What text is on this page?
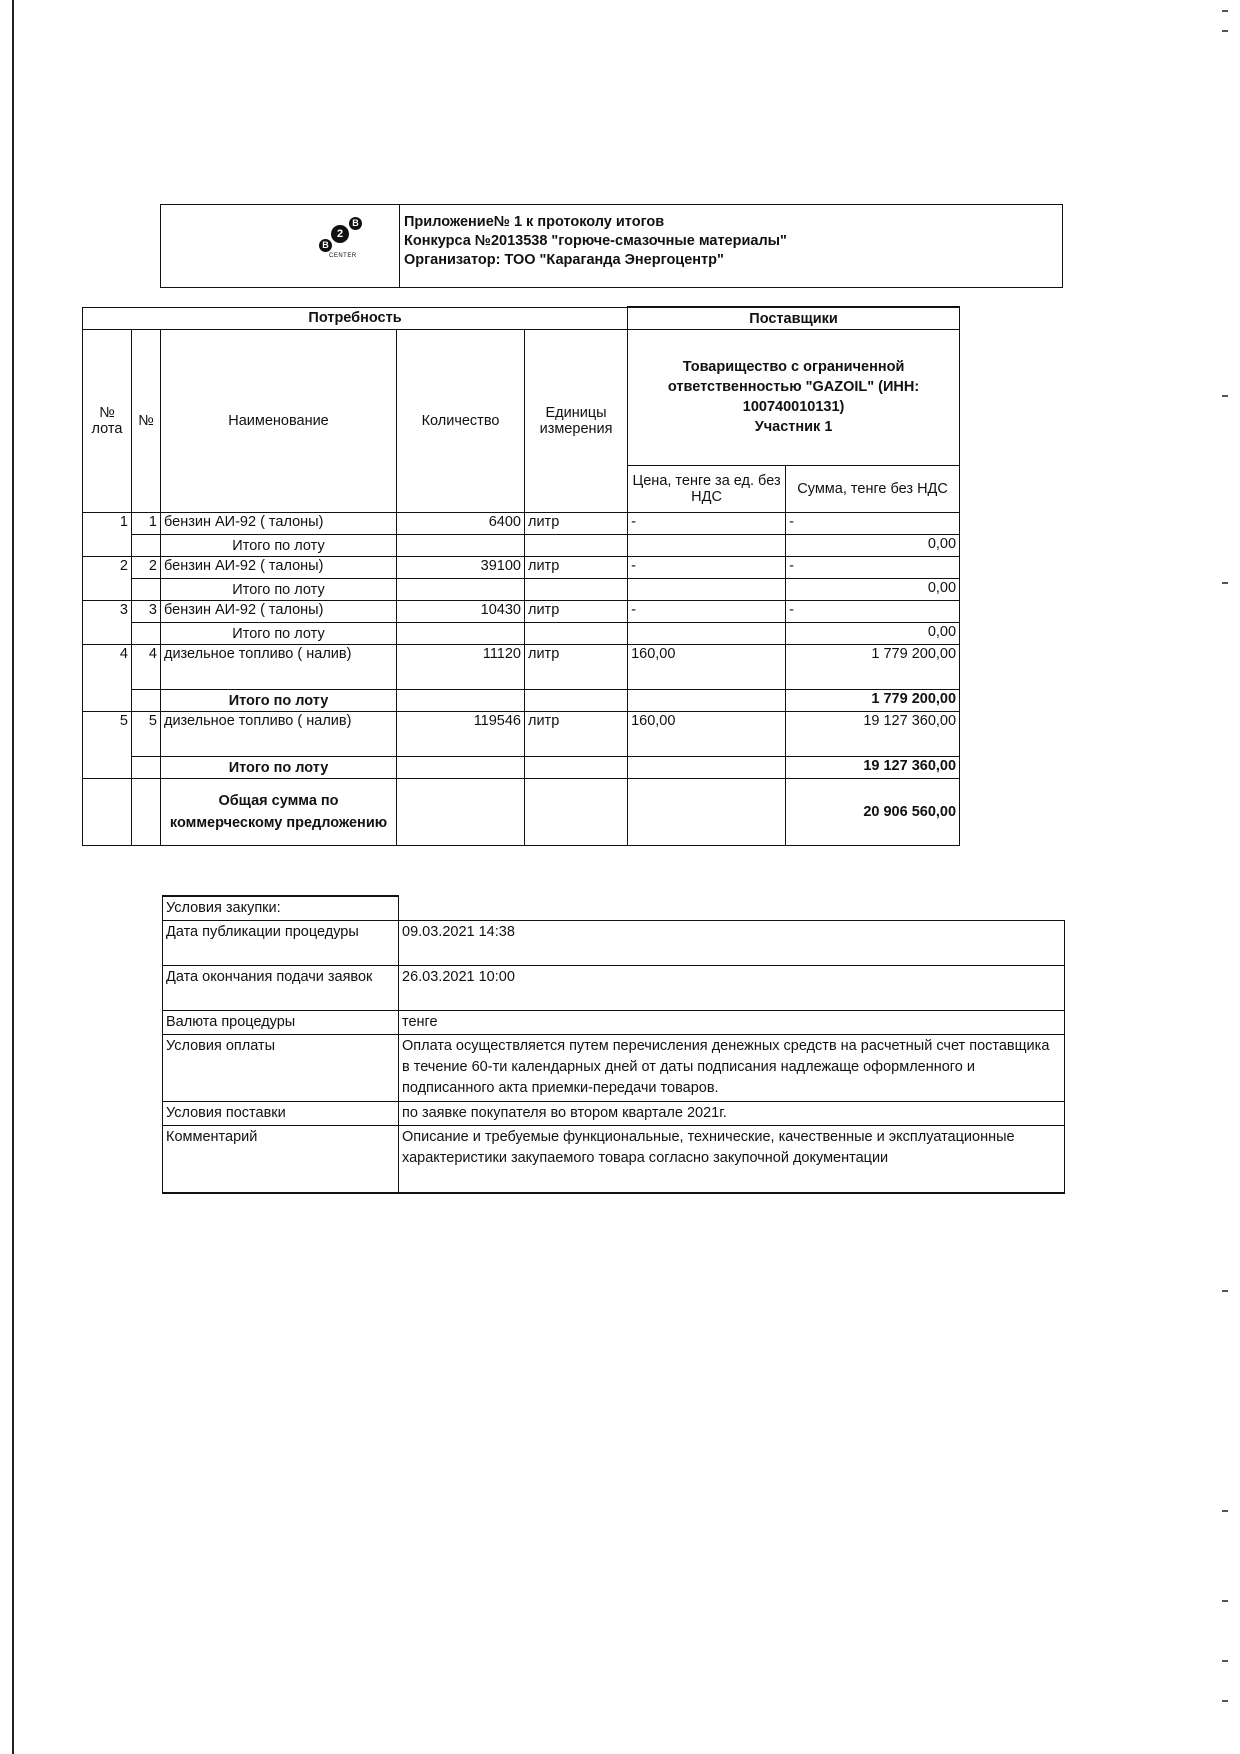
B
2
B
CENTER
Приложение№ 1 к протоколу итогов
Конкурса №2013538 "горюче-смазочные материалы"
Организатор: ТОО "Караганда Энергоцентр"
Потребность					Поставщики	
№ лота	№	Наименование	Количество	Единицы измерения	Товарищество с ограниченной ответственностью "GAZOIL" (ИНН: 100740010131)
Участник 1	

					Цена, тенге за ед. без НДС	Сумма, тенге без НДС
1	1	бензин АИ-92 ( талоны)	6400	литр	-	-
		Итого по лоту				0,00
2	2	бензин АИ-92 ( талоны)	39100	литр	-	-
		Итого по лоту				0,00
3	3	бензин АИ-92 ( талоны)	10430	литр	-	-
		Итого по лоту				0,00
4	4	дизельное топливо ( налив)	11120	литр	160,00	1 779 200,00
		Итого по лоту				1 779 200,00
5	5	дизельное топливо ( налив)	119546	литр	160,00	19 127 360,00
		Итого по лоту				19 127 360,00
		Общая сумма по коммерческому предложению				20 906 560,00
Условия закупки:	
Дата публикации процедуры	09.03.2021 14:38
Дата окончания подачи заявок	26.03.2021 10:00
Валюта процедуры	тенге
Условия оплаты	Оплата осуществляется путем перечисления денежных средств на расчетный счет поставщика в течение 60-ти календарных дней от даты подписания надлежаще оформленного и подписанного акта приемки-передачи товаров.
Условия поставки	по заявке покупателя во втором квартале 2021г.
Комментарий	Описание и требуемые функциональные, технические, качественные и эксплуатационные характеристики закупаемого товара согласно закупочной документации
